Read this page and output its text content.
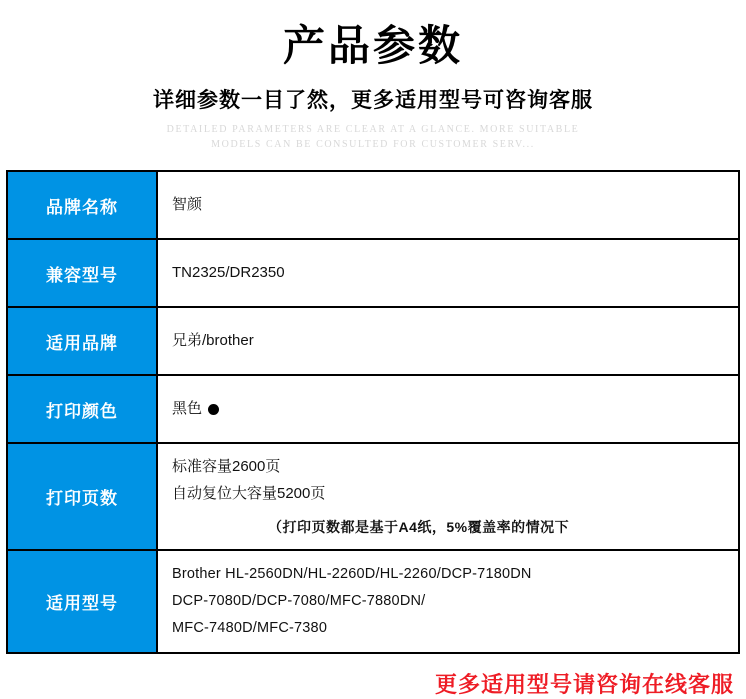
产品参数
详细参数一目了然，更多适用型号可咨询客服
DETAILED PARAMETERS ARE CLEAR AT A GLANCE. MORE SUITABLE
MODELS CAN BE CONSULTED FOR CUSTOMER SERV...
品牌名称	智颜
兼容型号	TN2325/DR2350
适用品牌	兄弟/brother
打印颜色	黑色
打印页数	标准容量2600页
自动复位大容量5200页
（打印页数都是基于A4纸，5%覆盖率的情况下

适用型号	Brother HL-2560DN/HL-2260D/HL-2260/DCP-7180DN
DCP-7080D/DCP-7080/MFC-7880DN/
MFC-7480D/MFC-7380
更多适用型号请咨询在线客服
